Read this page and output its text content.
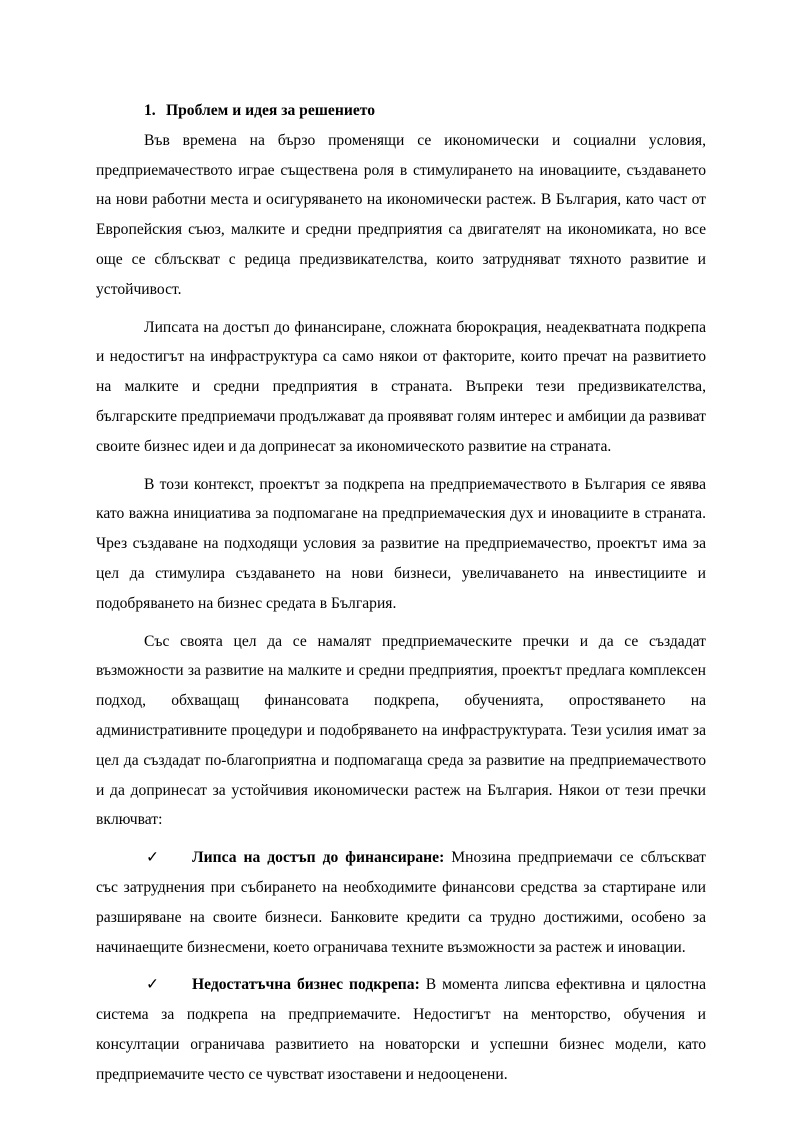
1. Проблем и идея за решението

Във времена на бързо променящи се икономически и социални условия, предприемачеството играе съществена роля в стимулирането на иновациите, създаването на нови работни места и осигуряването на икономически растеж. В България, като част от Европейския съюз, малките и средни предприятия са двигателят на икономиката, но все още се сблъскват с редица предизвикателства, които затрудняват тяхното развитие и устойчивост.

Липсата на достъп до финансиране, сложната бюрокрация, неадекватната подкрепа и недостигът на инфраструктура са само някои от факторите, които пречат на развитието на малките и средни предприятия в страната. Въпреки тези предизвикателства, българските предприемачи продължават да проявяват голям интерес и амбиции да развиват своите бизнес идеи и да допринесат за икономическото развитие на страната.

В този контекст, проектът за подкрепа на предприемачеството в България се явява като важна инициатива за подпомагане на предприемаческия дух и иновациите в страната. Чрез създаване на подходящи условия за развитие на предприемачество, проектът има за цел да стимулира създаването на нови бизнеси, увеличаването на инвестициите и подобряването на бизнес средата в България.

Със своята цел да се намалят предприемаческите пречки и да се създадат възможности за развитие на малките и средни предприятия, проектът предлага комплексен подход, обхващащ финансовата подкрепа, обученията, опростяването на административните процедури и подобряването на инфраструктурата. Тези усилия имат за цел да създадат по-благоприятна и подпомагаща среда за развитие на предприемачеството и да допринесат за устойчивия икономически растеж на България. Някои от тези пречки включват:

✓ Липса на достъп до финансиране: Мнозина предприемачи се сблъскват със затруднения при събирането на необходимите финансови средства за стартиране или разширяване на своите бизнеси. Банковите кредити са трудно достижими, особено за начинаещите бизнесмени, което ограничава техните възможности за растеж и иновации.

✓ Недостатъчна бизнес подкрепа: В момента липсва ефективна и цялостна система за подкрепа на предприемачите. Недостигът на менторство, обучения и консултации ограничава развитието на новаторски и успешни бизнес модели, като предприемачите често се чувстват изоставени и недооценени.
